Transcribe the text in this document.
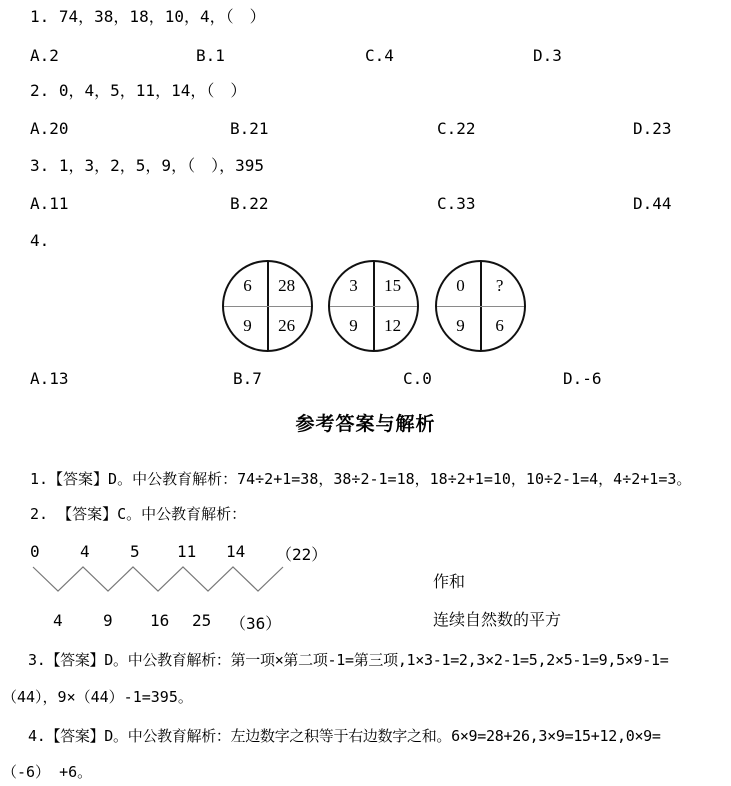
1. 74，38，18，10，4，（　）
A.2	B.1	C.4	D.3
2. 0，4，5，11，14，（　）
A.20	B.21	C.22	D.23
3. 1，3，2，5，9，（　），395
A.11	B.22	C.33	D.44
4.
6 28
9 26
3 15
9 12
0 ?
9 6
A.13	B.7	C.0	D.-6
参考答案与解析
1.【答案】D。中公教育解析：74÷2+1=38，38÷2-1=18，18÷2+1=10，10÷2-1=4，4÷2+1=3。
2. 【答案】C。中公教育解析：
0	4	5 11 14 （22）
4	9 16 25 （36）
作和
连续自然数的平方
3.【答案】D。中公教育解析：第一项×第二项-1=第三项,1×3-1=2,3×2-1=5,2×5-1=9,5×9-1=
（44），9×（44）-1=395。
4.【答案】D。中公教育解析：左边数字之积等于右边数字之和。6×9=28+26,3×9=15+12,0×9=
（-6） +6。
